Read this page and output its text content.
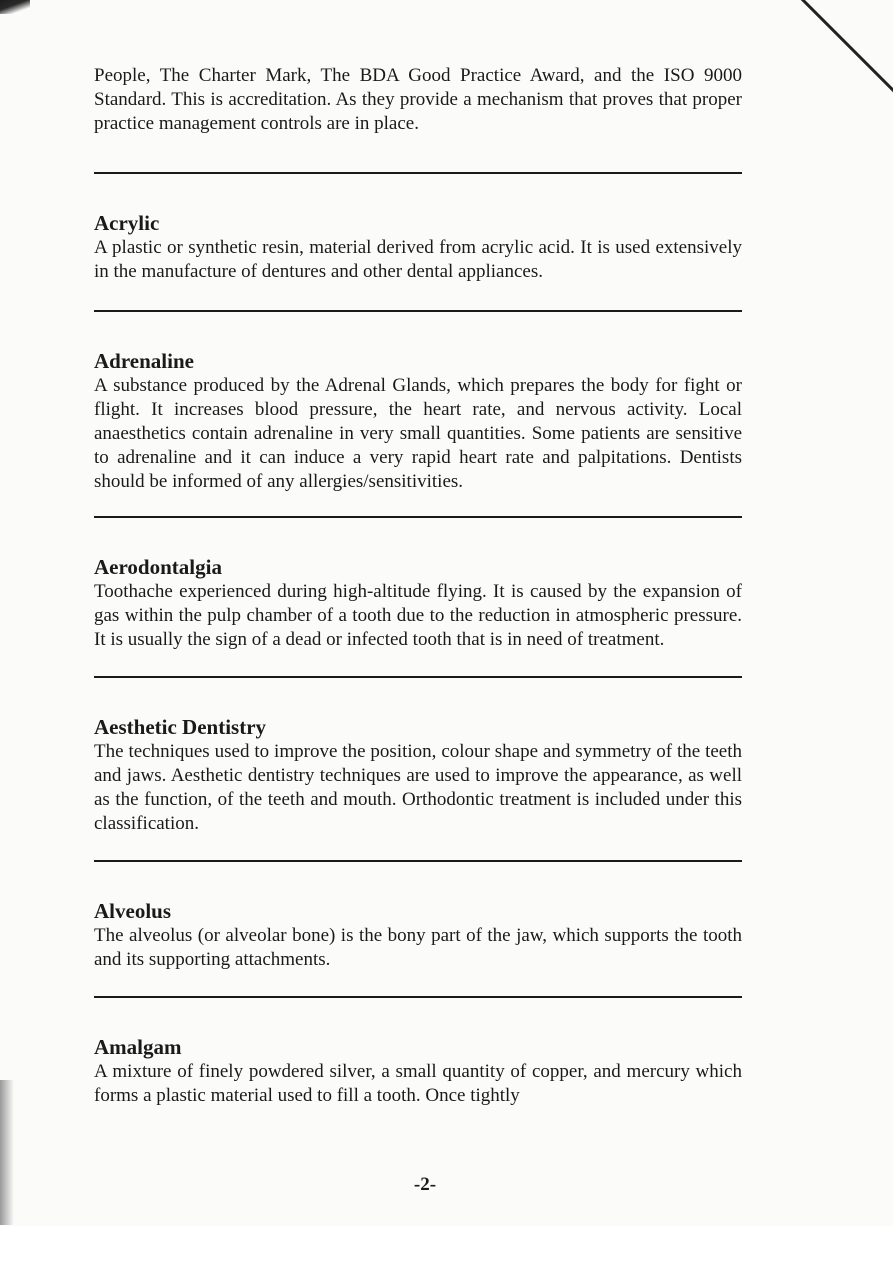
People, The Charter Mark, The BDA Good Practice Award, and the ISO 9000 Standard. This is accreditation. As they provide a mechanism that proves that proper practice management controls are in place.

Acrylic

A plastic or synthetic resin, material derived from acrylic acid. It is used extensively in the manufacture of dentures and other dental appliances.

Adrenaline

A substance produced by the Adrenal Glands, which prepares the body for fight or flight. It increases blood pressure, the heart rate, and nervous activity. Local anaesthetics contain adrenaline in very small quantities. Some patients are sensitive to adrenaline and it can induce a very rapid heart rate and palpitations. Dentists should be informed of any allergies/sensitivities.

Aerodontalgia

Toothache experienced during high-altitude flying. It is caused by the expansion of gas within the pulp chamber of a tooth due to the reduction in atmospheric pressure. It is usually the sign of a dead or infected tooth that is in need of treatment.

Aesthetic Dentistry

The techniques used to improve the position, colour shape and symmetry of the teeth and jaws. Aesthetic dentistry techniques are used to improve the appearance, as well as the function, of the teeth and mouth. Orthodontic treatment is included under this classification.

Alveolus

The alveolus (or alveolar bone) is the bony part of the jaw, which supports the tooth and its supporting attachments.

Amalgam

A mixture of finely powdered silver, a small quantity of copper, and mercury which forms a plastic material used to fill a tooth. Once tightly

-2-
